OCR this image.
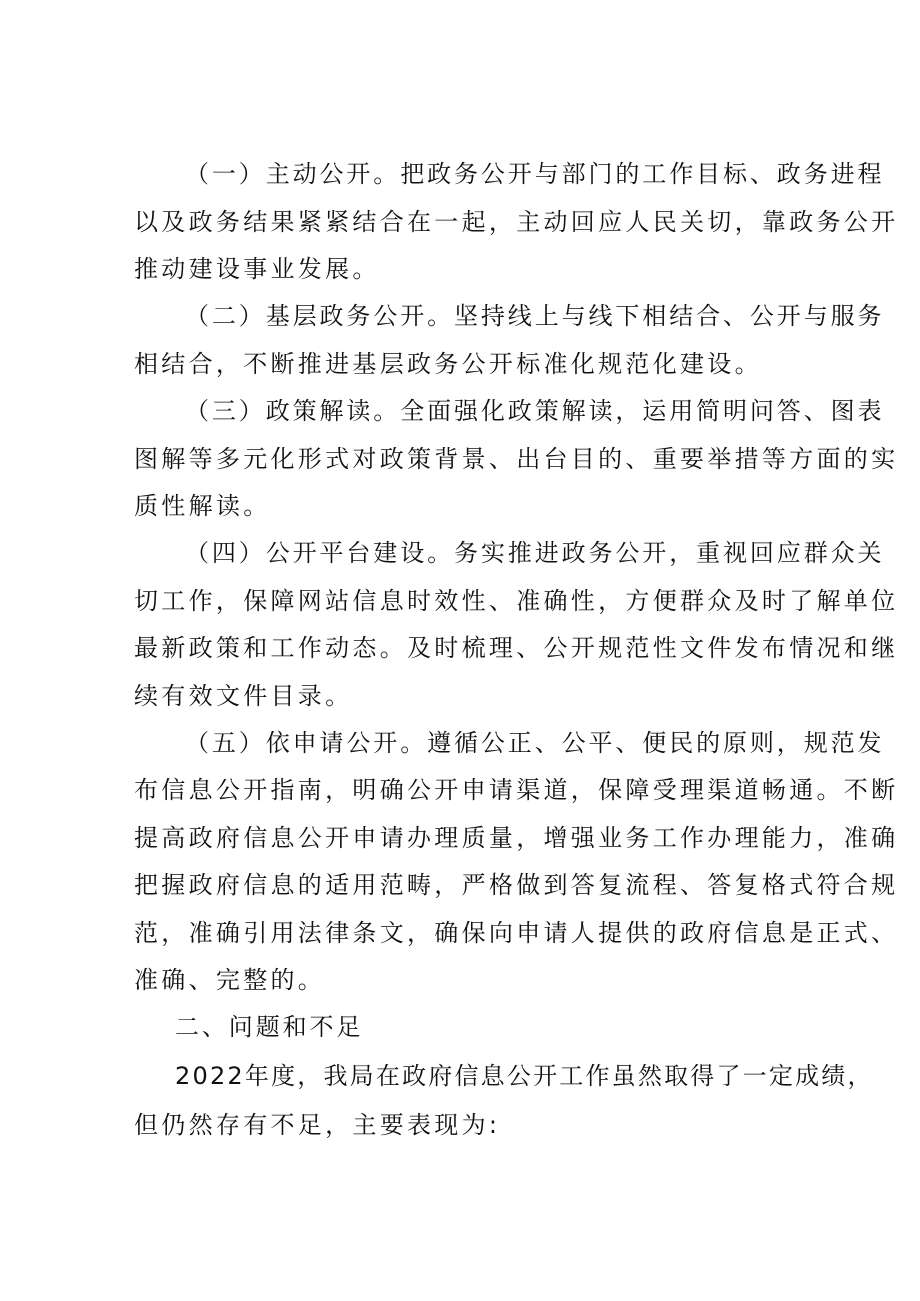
（一）主动公开。把政务公开与部门的工作目标、政务进程

以及政务结果紧紧结合在一起，主动回应人民关切，靠政务公开

推动建设事业发展。

（二）基层政务公开。坚持线上与线下相结合、公开与服务

相结合，不断推进基层政务公开标准化规范化建设。

（三）政策解读。全面强化政策解读，运用简明问答、图表

图解等多元化形式对政策背景、出台目的、重要举措等方面的实

质性解读。

（四）公开平台建设。务实推进政务公开，重视回应群众关

切工作，保障网站信息时效性、准确性，方便群众及时了解单位

最新政策和工作动态。及时梳理、公开规范性文件发布情况和继

续有效文件目录。

（五）依申请公开。遵循公正、公平、便民的原则，规范发

布信息公开指南，明确公开申请渠道，保障受理渠道畅通。不断

提高政府信息公开申请办理质量，增强业务工作办理能力，准确

把握政府信息的适用范畴，严格做到答复流程、答复格式符合规

范，准确引用法律条文，确保向申请人提供的政府信息是正式、

准确、完整的。

二、问题和不足

2022年度，我局在政府信息公开工作虽然取得了一定成绩，

但仍然存有不足，主要表现为:
